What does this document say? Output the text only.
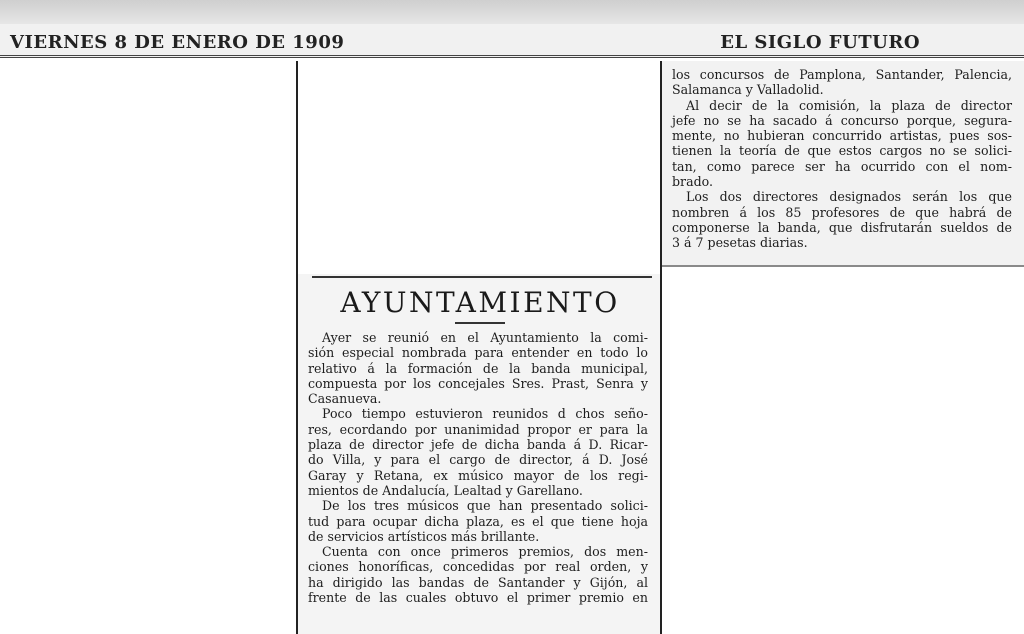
VIERNES 8 DE ENERO DE 1909	EL SIGLO FUTURO

los concursos de Pamplona, Santander, Palencia,

Salamanca y Valladolid.

Al decir de la comisión, la plaza de director

jefe no se ha sacado á concurso porque, segura-

mente, no hubieran concurrido artistas, pues sos-

tienen la teoría de que estos cargos no se solici-

tan, como parece ser ha ocurrido con el nom-

brado.

Los dos directores designados serán los que

nombren á los 85 profesores de que habrá de

componerse la banda, que disfrutarán sueldos de

3 á 7 pesetas diarias.

AYUNTAMIENTO

Ayer se reunió en el Ayuntamiento la comi-

sión especial nombrada para entender en todo lo

relativo á la formación de la banda municipal,

compuesta por los concejales Sres. Prast, Senra y

Casanueva.

Poco tiempo estuvieron reunidos d chos seño-

res, ecordando por unanimidad propor er para la

plaza de director jefe de dicha banda á D. Ricar-

do Villa, y para el cargo de director, á D. José

Garay y Retana, ex músico mayor de los regi-

mientos de Andalucía, Lealtad y Garellano.

De los tres músicos que han presentado solici-

tud para ocupar dicha plaza, es el que tiene hoja

de servicios artísticos más brillante.

Cuenta con once primeros premios, dos men-

ciones honoríficas, concedidas por real orden, y

ha dirigido las bandas de Santander y Gijón, al

frente de las cuales obtuvo el primer premio en
